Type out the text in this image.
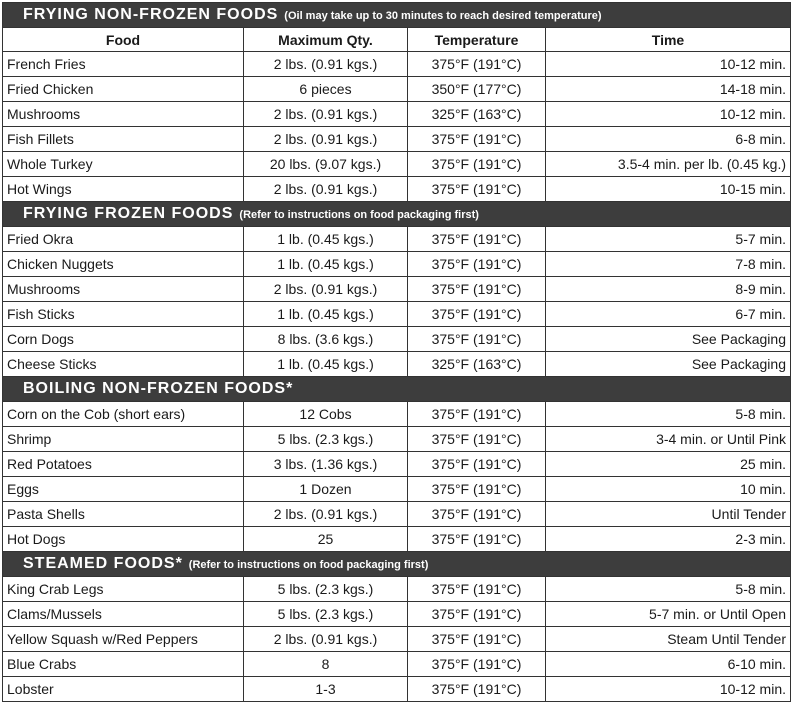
FRYING NON-FROZEN FOODS (Oil may take up to 30 minutes to reach desired temperature)			
Food	Maximum Qty.	Temperature	Time
French Fries	2 lbs. (0.91 kgs.)	375°F (191°C)	10-12 min.
Fried Chicken	6 pieces	350°F (177°C)	14-18 min.
Mushrooms	2 lbs. (0.91 kgs.)	325°F (163°C)	10-12 min.
Fish Fillets	2 lbs. (0.91 kgs.)	375°F (191°C)	6-8 min.
Whole Turkey	20 lbs. (9.07 kgs.)	375°F (191°C)	3.5-4 min. per lb. (0.45 kg.)
Hot Wings	2 lbs. (0.91 kgs.)	375°F (191°C)	10-15 min.
FRYING FROZEN FOODS (Refer to instructions on food packaging first)			
Fried Okra	1 lb. (0.45 kgs.)	375°F (191°C)	5-7 min.
Chicken Nuggets	1 lb. (0.45 kgs.)	375°F (191°C)	7-8 min.
Mushrooms	2 lbs. (0.91 kgs.)	375°F (191°C)	8-9 min.
Fish Sticks	1 lb. (0.45 kgs.)	375°F (191°C)	6-7 min.
Corn Dogs	8 lbs. (3.6 kgs.)	375°F (191°C)	See Packaging
Cheese Sticks	1 lb. (0.45 kgs.)	325°F (163°C)	See Packaging
BOILING NON-FROZEN FOODS*			
Corn on the Cob (short ears)	12 Cobs	375°F (191°C)	5-8 min.
Shrimp	5 lbs. (2.3 kgs.)	375°F (191°C)	3-4 min. or Until Pink
Red Potatoes	3 lbs. (1.36 kgs.)	375°F (191°C)	25 min.
Eggs	1 Dozen	375°F (191°C)	10 min.
Pasta Shells	2 lbs. (0.91 kgs.)	375°F (191°C)	Until Tender
Hot Dogs	25	375°F (191°C)	2-3 min.
STEAMED FOODS* (Refer to instructions on food packaging first)			
King Crab Legs	5 lbs. (2.3 kgs.)	375°F (191°C)	5-8 min.
Clams/Mussels	5 lbs. (2.3 kgs.)	375°F (191°C)	5-7 min. or Until Open
Yellow Squash w/Red Peppers	2 lbs. (0.91 kgs.)	375°F (191°C)	Steam Until Tender
Blue Crabs	8	375°F (191°C)	6-10 min.
Lobster	1-3	375°F (191°C)	10-12 min.
